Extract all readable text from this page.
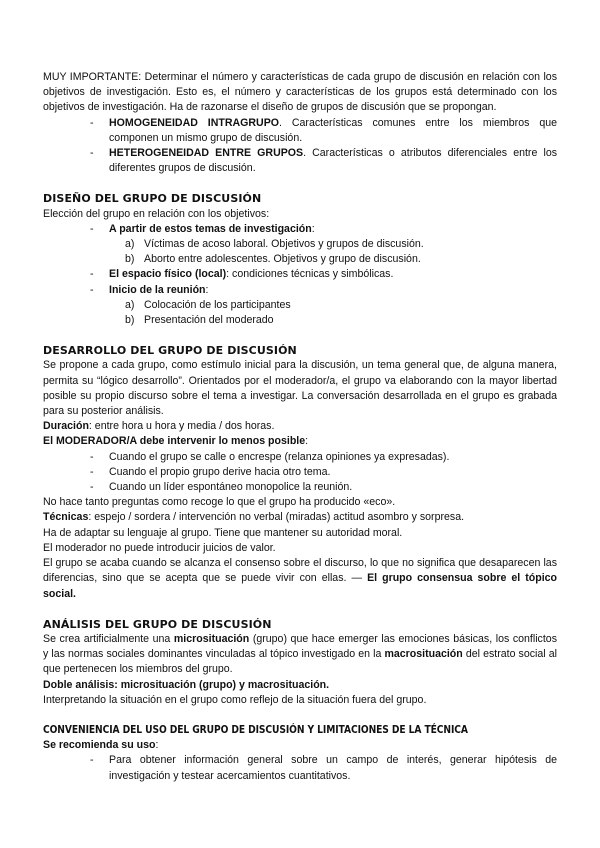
MUY IMPORTANTE: Determinar el número y características de cada grupo de discusión en relación con los objetivos de investigación. Esto es, el número y características de los grupos está determinado con los objetivos de investigación. Ha de razonarse el diseño de grupos de discusión que se propongan.

-	HOMOGENEIDAD INTRAGRUPO. Características comunes entre los miembros que componen un mismo grupo de discusión.
-	HETEROGENEIDAD ENTRE GRUPOS. Características o atributos diferenciales entre los diferentes grupos de discusión.
DISEÑO DEL GRUPO DE DISCUSIÓN

Elección del grupo en relación con los objetivos:

-	A partir de estos temas de investigación:
a) Víctimas de acoso laboral. Objetivos y grupos de discusión.
b) Aborto entre adolescentes. Objetivos y grupo de discusión.
-	El espacio físico (local): condiciones técnicas y simbólicas.
-	Inicio de la reunión:
a) Colocación de los participantes
b) Presentación del moderado
DESARROLLO DEL GRUPO DE DISCUSIÓN

Se propone a cada grupo, como estímulo inicial para la discusión, un tema general que, de alguna manera, permita su “lógico desarrollo”. Orientados por el moderador/a, el grupo va elaborando con la mayor libertad posible su propio discurso sobre el tema a investigar. La conversación desarrollada en el grupo es grabada para su posterior análisis.

Duración: entre hora u hora y media / dos horas.

El MODERADOR/A debe intervenir lo menos posible:

-	Cuando el grupo se calle o encrespe (relanza opiniones ya expresadas).
-	Cuando el propio grupo derive hacia otro tema.
-	Cuando un líder espontáneo monopolice la reunión.

No hace tanto preguntas como recoge lo que el grupo ha producido «eco».

Técnicas: espejo / sordera / intervención no verbal (miradas) actitud asombro y sorpresa.

Ha de adaptar su lenguaje al grupo. Tiene que mantener su autoridad moral.

El moderador no puede introducir juicios de valor.

El grupo se acaba cuando se alcanza el consenso sobre el discurso, lo que no significa que desaparecen las diferencias, sino que se acepta que se puede vivir con ellas. — El grupo consensua sobre el tópico social.

ANÁLISIS DEL GRUPO DE DISCUSIÓN

Se crea artificialmente una microsituación (grupo) que hace emerger las emociones básicas, los conflictos y las normas sociales dominantes vinculadas al tópico investigado en la macrosituación del estrato social al que pertenecen los miembros del grupo.

Doble análisis: microsituación (grupo) y macrosituación.

Interpretando la situación en el grupo como reflejo de la situación fuera del grupo.

CONVENIENCIA DEL USO DEL GRUPO DE DISCUSIÓN Y LIMITACIONES DE LA TÉCNICA

Se recomienda su uso:

-	Para obtener información general sobre un campo de interés, generar hipótesis de investigación y testear acercamientos cuantitativos.
